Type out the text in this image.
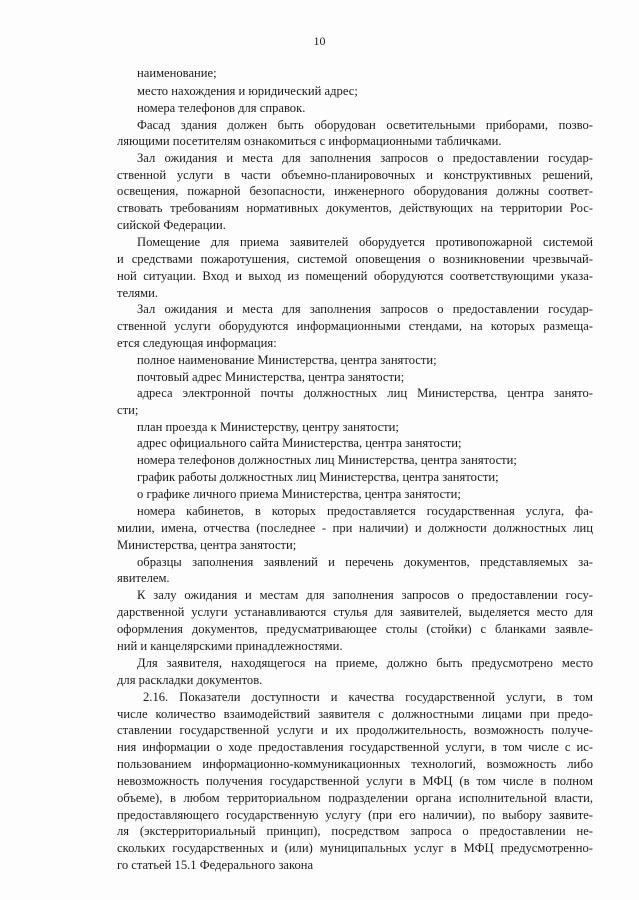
10
наименование;
место нахождения и юридический адрес;
номера телефонов для справок.
Фасад здания должен быть оборудован осветительными приборами, позво-
ляющими посетителям ознакомиться с информационными табличками.
Зал ожидания и места для заполнения запросов о предоставлении государ-
ственной услуги в части объемно-планировочных и конструктивных решений,
освещения, пожарной безопасности, инженерного оборудования должны соответ-
ствовать требованиям нормативных документов, действующих на территории Рос-
сийской Федерации.
Помещение для приема заявителей оборудуется противопожарной системой
и средствами пожаротушения, системой оповещения о возникновении чрезвычай-
ной ситуации. Вход и выход из помещений оборудуются соответствующими указа-
телями.
Зал ожидания и места для заполнения запросов о предоставлении государ-
ственной услуги оборудуются информационными стендами, на которых размеща-
ется следующая информация:
полное наименование Министерства, центра занятости;
почтовый адрес Министерства, центра занятости;
адреса электронной почты должностных лиц Министерства, центра занято-
сти;
план проезда к Министерству, центру занятости;
адрес официального сайта Министерства, центра занятости;
номера телефонов должностных лиц Министерства, центра занятости;
график работы должностных лиц Министерства, центра занятости;
о графике личного приема Министерства, центра занятости;
номера кабинетов, в которых предоставляется государственная услуга, фа-
милии, имена, отчества (последнее - при наличии) и должности должностных лиц
Министерства, центра занятости;
образцы заполнения заявлений и перечень документов, представляемых за-
явителем.
К залу ожидания и местам для заполнения запросов о предоставлении госу-
дарственной услуги устанавливаются стулья для заявителей, выделяется место для
оформления документов, предусматривающее столы (стойки) с бланками заявле-
ний и канцелярскими принадлежностями.
Для заявителя, находящегося на приеме, должно быть предусмотрено место
для раскладки документов.
2.16. Показатели доступности и качества государственной услуги, в том
числе количество взаимодействий заявителя с должностными лицами при предо-
ставлении государственной услуги и их продолжительность, возможность получе-
ния информации о ходе предоставления государственной услуги, в том числе с ис-
пользованием информационно-коммуникационных технологий, возможность либо
невозможность получения государственной услуги в МФЦ (в том числе в полном
объеме), в любом территориальном подразделении органа исполнительной власти,
предоставляющего государственную услугу (при его наличии), по выбору заявите-
ля (экстерриториальный принцип), посредством запроса о предоставлении не-
скольких государственных и (или) муниципальных услуг в МФЦ предусмотренно-
го статьей 15.1 Федерального закона
